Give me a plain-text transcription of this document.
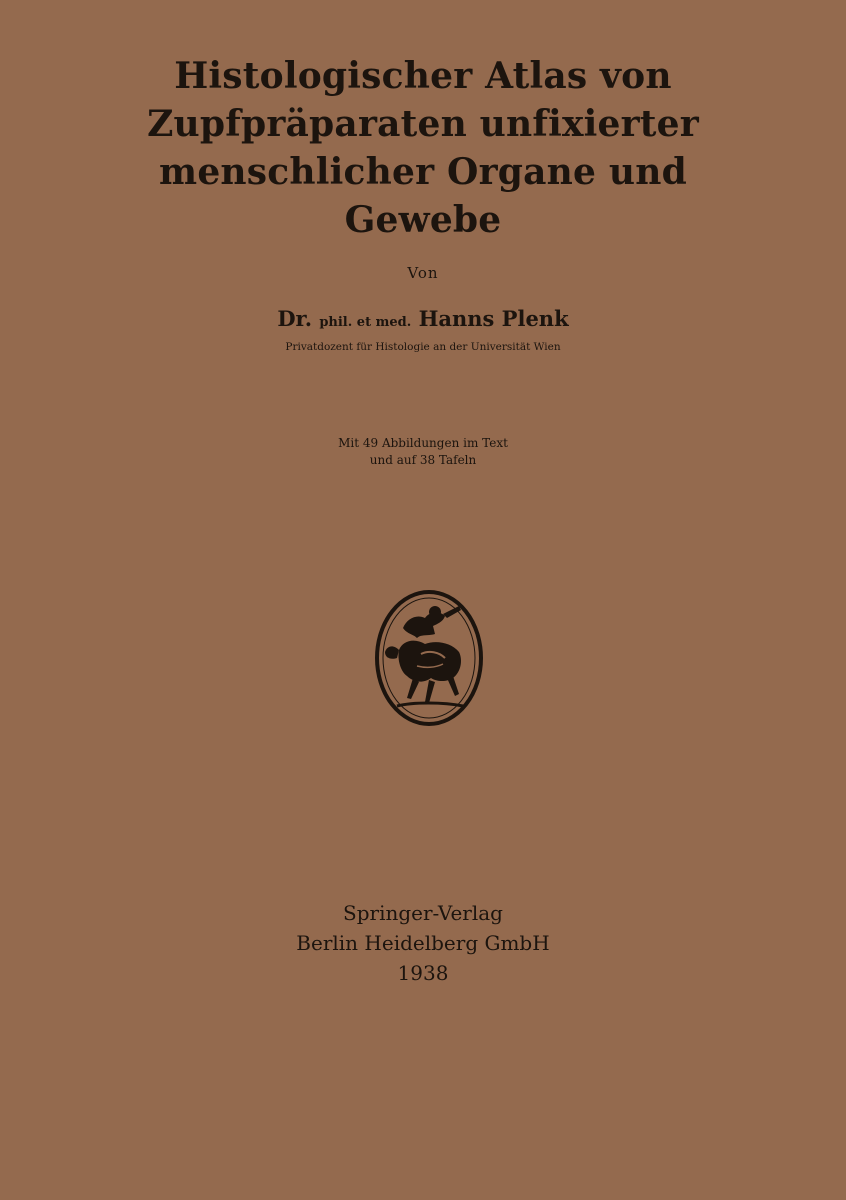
Histologischer Atlas von
Zupfpräparaten unfixierter
menschlicher Organe und
Gewebe
Von
Dr. phil. et med. Hanns Plenk
Privatdozent für Histologie an der Universität Wien
Mit 49 Abbildungen im Text
und auf 38 Tafeln
Springer-Verlag
Berlin Heidelberg GmbH
1938
